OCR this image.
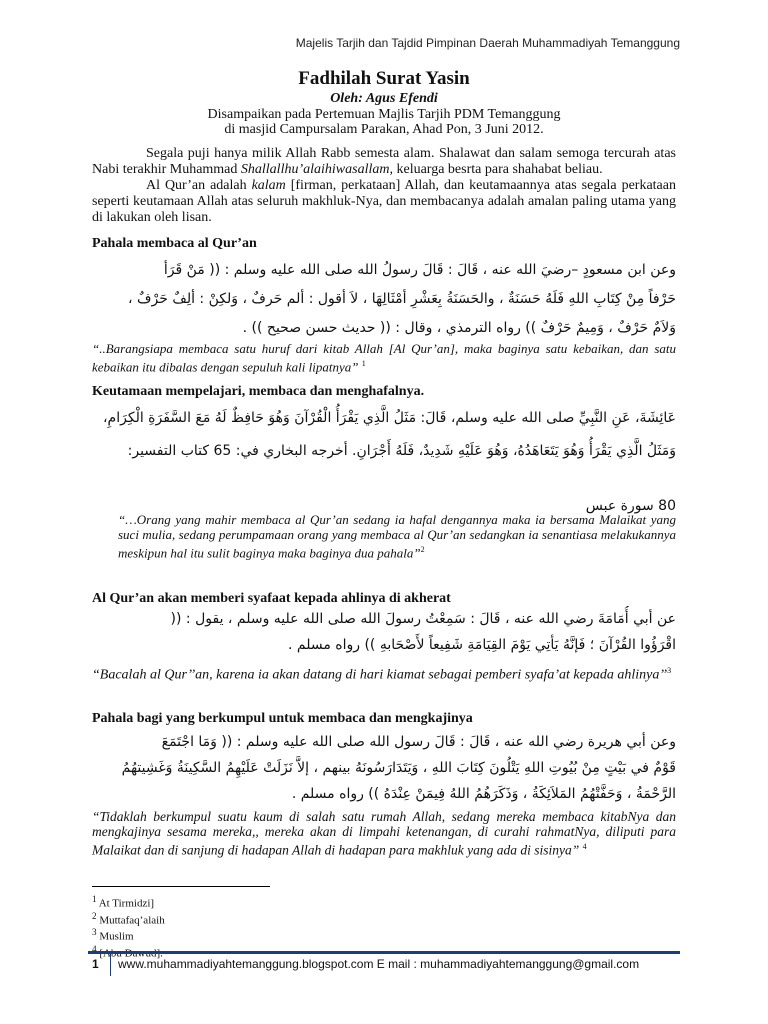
Majelis Tarjih dan Tajdid Pimpinan Daerah Muhammadiyah Temanggung
Fadhilah Surat Yasin
Oleh: Agus Efendi
Disampaikan pada Pertemuan Majlis Tarjih PDM Temanggung
di masjid Campursalam Parakan, Ahad Pon, 3 Juni 2012.

Segala puji hanya milik Allah Rabb semesta alam. Shalawat dan salam semoga tercurah atas Nabi terakhir Muhammad Shallallhu’alaihiwasallam, keluarga besrta para shahabat beliau.

Al Qur’an adalah kalam [firman, perkataan] Allah, dan keutamaannya atas segala perkataan seperti keutamaan Allah atas seluruh makhluk-Nya, dan membacanya adalah amalan paling utama yang di lakukan oleh lisan.

Pahala membaca al Qur’an
وعن ابن مسعودٍ –رضيَ الله عنه ، قَالَ : قَالَ رسولُ الله صلى الله عليه وسلم : (( مَنْ قَرَأ
حَرْفاً مِنْ كِتَابِ اللهِ فَلَهُ حَسَنَةٌ ، والحَسَنَةُ بِعَشْرِ أمْثَالِهَا ، لاَ أقول : ألم حَرفٌ ، وَلكِنْ : ألِفٌ حَرْفٌ ،
وَلاَمٌ حَرْفٌ ، وَمِيمٌ حَرْفٌ )) رواه الترمذي ، وقال : (( حديث حسن صحيح )) .
“..Barangsiapa membaca satu huruf dari kitab Allah [Al Qur’an], maka baginya satu kebaikan, dan satu kebaikan itu dibalas dengan sepuluh kali lipatnya” $^1$
Keutamaan mempelajari, membaca dan menghafalnya.
عَائِشَةَ، عَنِ النَّبِيِّ صلى الله عليه وسلم، قَالَ: مَثَلُ الَّذِي يَقْرَأُ الْقُرْآنَ وَهُوَ حَافِظٌ لَهُ مَعَ السَّفَرَةِ الْكِرَامِ،
وَمَثَلُ الَّذِي يَقْرَأُ وَهُوَ يَتَعَاهَدُهُ، وَهُوَ عَلَيْهِ شَدِيدٌ، فَلَهُ أَجْرَانِ. أخرجه البخاري في: 65 كتاب التفسير:
80 سورة عبس
“…Orang yang mahir membaca al Qur’an sedang ia hafal dengannya maka ia bersama Malaikat yang suci mulia, sedang perumpamaan orang yang membaca al Qur’an sedangkan ia senantiasa melakukannya meskipun hal itu sulit baginya maka baginya dua pahala”$^2$
Al Qur’an akan memberi syafaat kepada ahlinya di akherat
عن أبي أُمَامَةَ رضي الله عنه ، قَالَ : سَمِعْتُ رسولَ الله صلى الله عليه وسلم ، يقول : ((
اقْرَؤُوا القُرْآنَ ؛ فَإنَّهُ يَأتِي يَوْمَ القِيَامَةِ شَفِيعاً لأَصْحَابهِ )) رواه مسلم .
“Bacalah al Qur’’an, karena ia akan datang di hari kiamat sebagai pemberi syafa’at kepada ahlinya’’$^3$
Pahala bagi yang berkumpul untuk membaca dan mengkajinya
وعن أبي هريرة رضي الله عنه ، قَالَ : قَالَ رسول الله صلى الله عليه وسلم : (( وَمَا اجْتَمَعَ
قَوْمٌ في بَيْتٍ مِنْ بُيُوتِ اللهِ يَتْلُونَ كِتَابَ اللهِ ، وَيَتَدَارَسُونَهُ بينهم ، إلاَّ نَزَلَتْ عَلَيْهِمُ السَّكِينَةُ وَغَشِيتهُمُ
الرَّحْمَةُ ، وَحَفَّتْهُمُ المَلاَئِكَةُ ، وَذَكَرَهُمُ اللهُ فِيمَنْ عِنْدَهُ )) رواه مسلم .
“Tidaklah berkumpul suatu kaum di salah satu rumah Allah, sedang mereka membaca kitabNya dan mengkajinya sesama mereka,, mereka akan di limpahi ketenangan, di curahi rahmatNya, diliputi para Malaikat dan di sanjung di hadapan Allah di hadapan para makhluk yang ada di sisinya” $^4$
$^1$ At Tirmidzi]
$^2$ Muttafaq’alaih
$^3$ Muslim
$^4$ [Abu Dawud].
1 www.muhammadiyahtemanggung.blogspot.com E mail : muhammadiyahtemanggung@gmail.com
